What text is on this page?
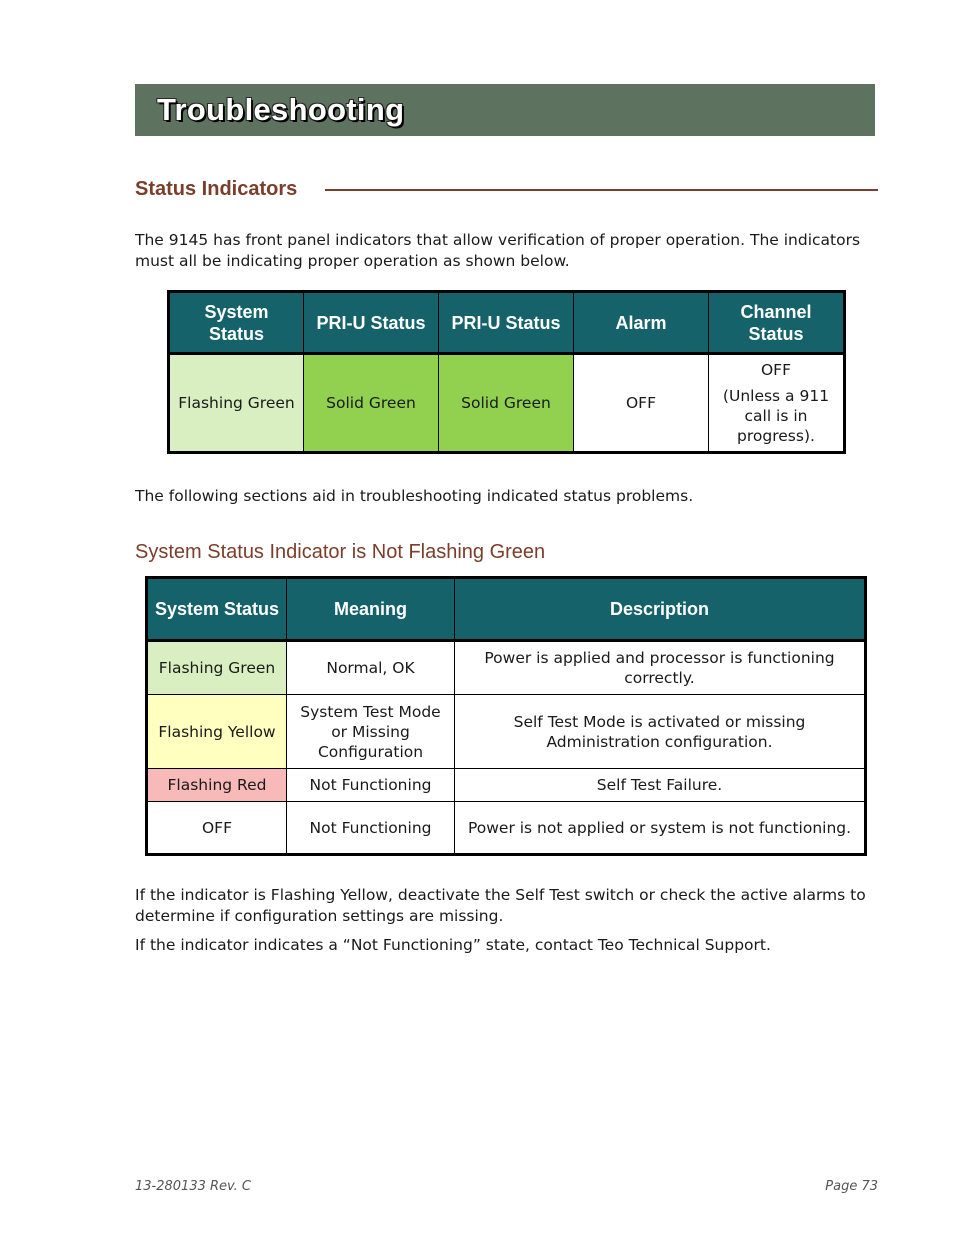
Troubleshooting
Status Indicators

The 9145 has front panel indicators that allow verification of proper operation. The indicators must all be indicating proper operation as shown below.

System Status	PRI-U Status	PRI-U Status	Alarm	Channel Status
Flashing Green	Solid Green	Solid Green	OFF	OFF
(Unless a 911 call is in progress).

The following sections aid in troubleshooting indicated status problems.

System Status Indicator is Not Flashing Green
System Status	Meaning	Description
Flashing Green	Normal, OK	Power is applied and processor is functioning correctly.
Flashing Yellow	System Test Mode or Missing Configuration	Self Test Mode is activated or missing Administration configuration.
Flashing Red	Not Functioning	Self Test Failure.
OFF	Not Functioning	Power is not applied or system is not functioning.

If the indicator is Flashing Yellow, deactivate the Self Test switch or check the active alarms to determine if configuration settings are missing.

If the indicator indicates a “Not Functioning” state, contact Teo Technical Support.

13-280133 Rev. C	Page 73
